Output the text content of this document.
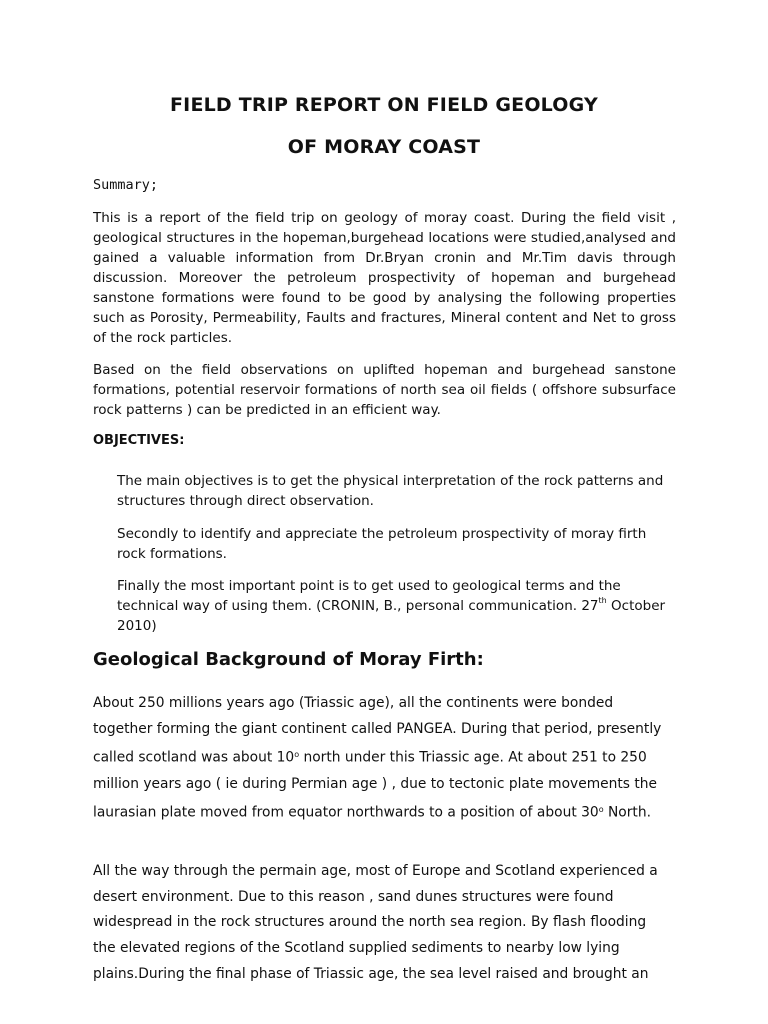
FIELD TRIP REPORT ON FIELD GEOLOGY
OF MORAY COAST

Summary;

This is a report of the field trip on geology of moray coast. During the field visit , geological structures in the hopeman,burgehead locations were studied,analysed and gained a valuable information from Dr.Bryan cronin and Mr.Tim davis through discussion. Moreover the petroleum prospectivity of hopeman and burgehead sanstone formations were found to be good by analysing the following properties such as Porosity, Permeability, Faults and fractures, Mineral content and Net to gross of the rock particles.

Based on the field observations on uplifted hopeman and burgehead sanstone formations, potential reservoir formations of north sea oil fields ( offshore subsurface rock patterns ) can be predicted in an efficient way.

OBJECTIVES:

The main objectives is to get the physical interpretation of the rock patterns and structures through direct observation.

Secondly to identify and appreciate the petroleum prospectivity of moray firth rock formations.

Finally the most important point is to get used to geological terms and the technical way of using them. (CRONIN, B., personal communication. 27th October 2010)

Geological Background of Moray Firth:

About 250 millions years ago (Triassic age), all the continents were bonded together forming the giant continent called PANGEA. During that period, presently called scotland was about 10$^o$ north under this Triassic age. At about 251 to 250 million years ago ( ie during Permian age ) , due to tectonic plate movements the laurasian plate moved from equator northwards to a position of about 30$^o$ North.

All the way through the permain age, most of Europe and Scotland experienced a desert environment. Due to this reason , sand dunes structures were found widespread in the rock structures around the north sea region. By flash flooding the elevated regions of the Scotland supplied sediments to nearby low lying plains.During the final phase of Triassic age, the sea level raised and brought an
